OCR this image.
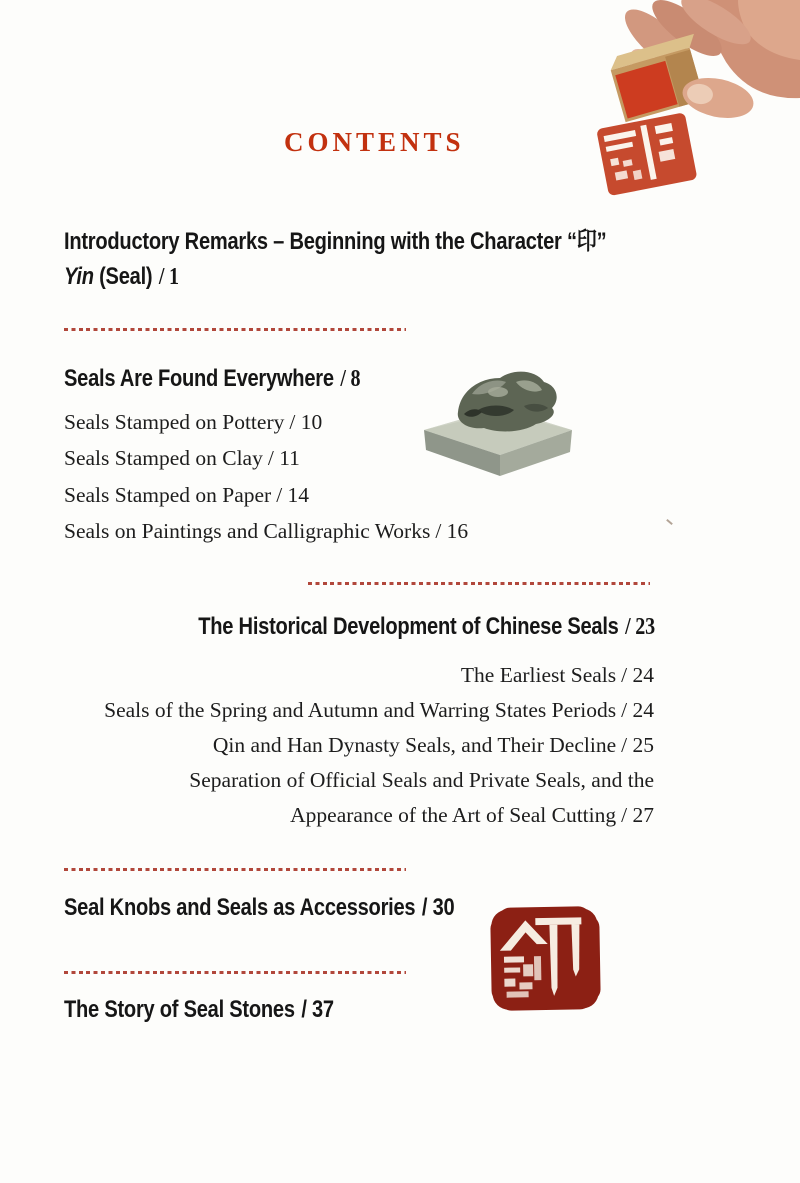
CONTENTS
Introductory Remarks – Beginning with the Character “印”
Yin (Seal) / 1
Seals Are Found Everywhere / 8
Seals Stamped on Pottery / 10
Seals Stamped on Clay / 11
Seals Stamped on Paper / 14
Seals on Paintings and Calligraphic Works / 16
The Historical Development of Chinese Seals / 23
The Earliest Seals / 24
Seals of the Spring and Autumn and Warring States Periods / 24
Qin and Han Dynasty Seals, and Their Decline / 25
Separation of Official Seals and Private Seals, and the Appearance of the Art of Seal Cutting / 27
Seal Knobs and Seals as Accessories / 30
The Story of Seal Stones / 37
